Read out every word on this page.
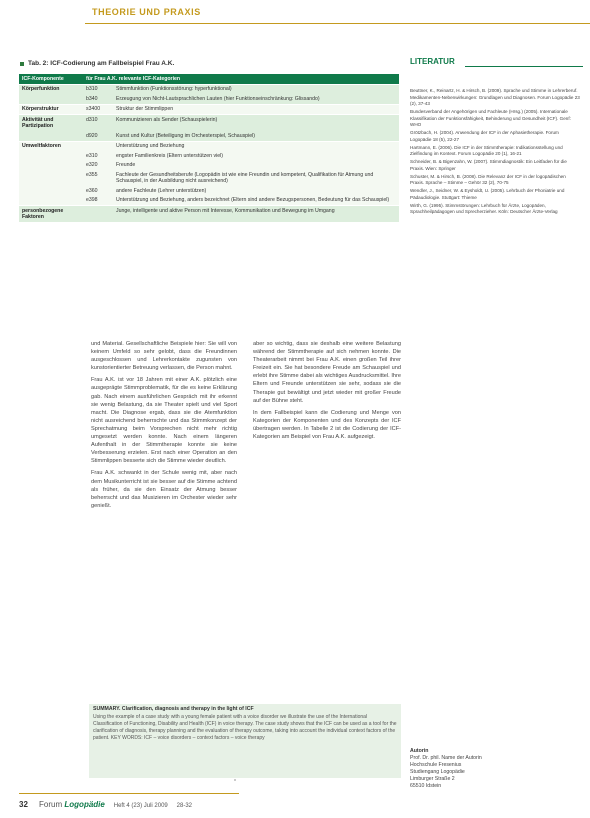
THEORIE UND PRAXIS
Tab. 2: ICF-Codierung am Fallbeispiel Frau A.K.
ICF-Komponente	für Frau A.K. relevante ICF-Kategorien	
Körperfunktion	b310	Stimmfunktion (Funktionsstörung: hyperfunktional)
	b340	Erzeugung von Nicht-Lautsprachlichen Lauten (hier Funktionseinschränkung: Glissando)
Körperstruktur	s3400	Struktur der Stimmlippen
Aktivität und Partizipation	d310	Kommunizieren als Sender (Schauspielerin)
	d920	Kunst und Kultur (Beteiligung im Orchesterspiel, Schauspiel)
Umweltfaktoren		Unterstützung und Beziehung
	e310	engster Familienkreis (Eltern unterstützen viel)
	e320	Freunde
	e355	Fachleute der Gesundheitsberufe (Logopädin ist wie eine Freundin und kompetent, Qualifikation für Atmung und Schauspiel, in der Ausbildung nicht ausreichend)
	e360	andere Fachleute (Lehrer unterstützen)
	e398	Unterstützung und Beziehung, anders bezeichnet (Eltern sind andere Bezugspersonen, Bedeutung für das Schauspiel)
personbezogene Faktoren		Junge, intelligente und aktive Person mit Interesse, Kommunikation und Bewegung im Umgang
LITERATUR

Beuttner, K., Reinartz, H. & Hirsch, B. (2009). Sprache und Stimme in Lehrerberuf. Medikamenten-Nebenwirkungen: Grundlagen und Diagnosen. Forum Logopädie 23 (2), 37-43

Bundesverband der Angehörigen und Fachleute (Hrsg.) (2005). Internationale Klassifikation der Funktionsfähigkeit, Behinderung und Gesundheit (ICF). Genf: WHO

Grötzbach, H. (2004). Anwendung der ICF in der Aphasietherapie. Forum Logopädie 18 (5), 22-27

Hartmann, E. (2006). Die ICF in der Stimmtherapie: Indikationsstellung und Zielfindung im Kontext. Forum Logopädie 20 (1), 16-21

Schneider, B. & Bigenzahn, W. (2007). Stimmdiagnostik: Ein Leitfaden für die Praxis. Wien: Springer

Schuster, M. & Hirsch, B. (2008). Die Relevanz der ICF in der logopädischen Praxis. Sprache – Stimme – Gehör 32 (2), 70-75

Wendler, J., Seidner, W. & Eysholdt, U. (2005). Lehrbuch der Phoniatrie und Pädaudiologie. Stuttgart: Thieme

Wirth, G. (1995). Stimmstörungen: Lehrbuch für Ärzte, Logopäden, Sprachheilpädagogen und Sprecherzieher. Köln: Deutscher Ärzte-Verlag

und Material. Gesellschaftliche Beispiele hier: Sie will von keinem Umfeld so sehr gelobt, dass die Freundinnen ausgeschlossen und Lehrerkontakte zugunsten von kunstorientierter Betreuung verlassen, die Person mahnt.

Frau A.K. ist vor 18 Jahren mit einer A.K. plötzlich eine ausgeprägte Stimmproblematik, für die es keine Erklärung gab. Nach einem ausführlichen Gespräch mit ihr erkennt sie wenig Belastung, da sie Theater spielt und viel Sport macht. Die Diagnose ergab, dass sie die Atemfunktion nicht ausreichend beherrschte und das Stimmkonzept der Sprechatmung beim Vorsprechen nicht mehr richtig umgesetzt werden konnte. Nach einem längeren Aufenthalt in der Stimmtherapie konnte sie keine Verbesserung erzielen. Erst nach einer Operation an den Stimmlippen besserte sich die Stimme wieder deutlich.

Frau A.K. schwankt in der Schule wenig mit, aber nach dem Musikunterricht ist sie besser auf die Stimme achtend als früher, da sie den Einsatz der Atmung besser beherrscht und das Musizieren im Orchester wieder sehr genießt.

aber so wichtig, dass sie deshalb eine weitere Belastung während der Stimmtherapie auf sich nehmen konnte. Die Theaterarbeit nimmt bei Frau A.K. einen großen Teil ihrer Freizeit ein. Sie hat besondere Freude am Schauspiel und erlebt ihre Stimme dabei als wichtiges Ausdrucksmittel. Ihre Eltern und Freunde unterstützen sie sehr, sodass sie die Therapie gut bewältigt und jetzt wieder mit großer Freude auf der Bühne steht.

In dem Fallbeispiel kann die Codierung und Menge von Kategorien der Komponenten und des Konzepts der ICF übertragen werden. In Tabelle 2 ist die Codierung der ICF-Kategorien am Beispiel von Frau A.K. aufgezeigt.

SUMMARY. Clarification, diagnosis and therapy in the light of ICF
Using the example of a case study with a young female patient with a voice disorder we illustrate the use of the International Classification of Functioning, Disability and Health (ICF) in voice therapy. The case study shows that the ICF can be used as a tool for the clarification of diagnosis, therapy planning and the evaluation of therapy outcome, taking into account the individual context factors of the patient. KEY WORDS: ICF – voice disorders – context factors – voice therapy
Autorin
Prof. Dr. phil. Name der Autorin
Hochschule Fresenius
Studiengang Logopädie
Limburger Straße 2
65510 Idstein
32 Forum Logopädie Heft 4 (23) Juli 2009 28-32
